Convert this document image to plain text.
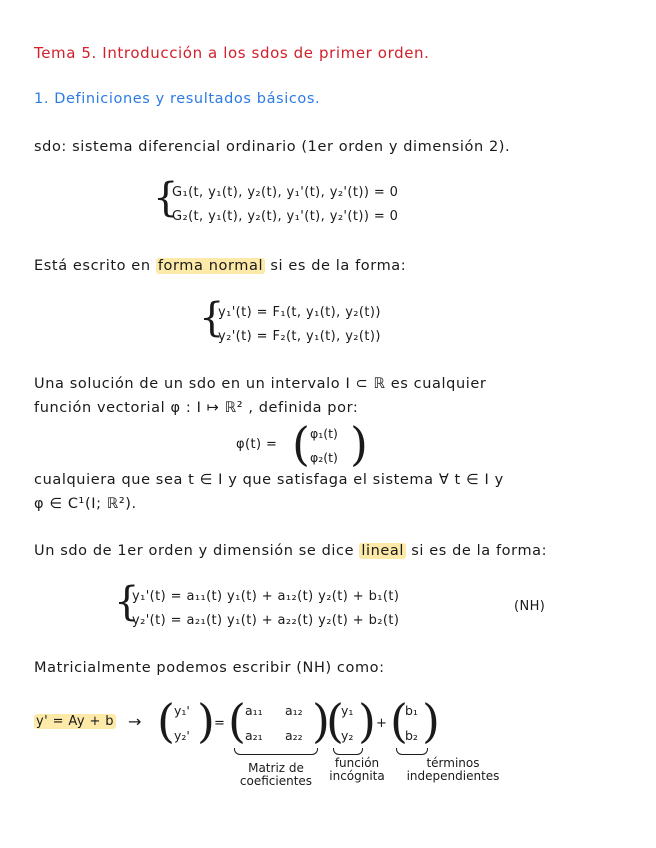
Tema 5. Introducción a los sdos de primer orden.
1. Definiciones y resultados básicos.
sdo: sistema diferencial ordinario (1er orden y dimensión 2).
{
G₁(t, y₁(t), y₂(t), y₁'(t), y₂'(t)) = 0
G₂(t, y₁(t), y₂(t), y₁'(t), y₂'(t)) = 0
Está escrito en forma normal si es de la forma:
{
y₁'(t) = F₁(t, y₁(t), y₂(t))
y₂'(t) = F₂(t, y₁(t), y₂(t))
Una solución de un sdo en un intervalo I ⊂ ℝ es cualquier
función vectorial φ : I ↦ ℝ² , definida por:
φ(t) = ( φ₁(t)
φ₂(t) )
cualquiera que sea t ∈ I y que satisfaga el sistema ∀ t ∈ I y
φ ∈ C¹(I; ℝ²).
Un sdo de 1er orden y dimensión se dice lineal si es de la forma:
{
y₁'(t) = a₁₁(t) y₁(t) + a₁₂(t) y₂(t) + b₁(t)
y₂'(t) = a₂₁(t) y₁(t) + a₂₂(t) y₂(t) + b₂(t)
(NH)
Matricialmente podemos escribir (NH) como:
y' = Ay + b → ( y₁'
y₂' ) = ( a₁₁ a₁₂
a₂₁ a₂₂ )
(
y₁
y₂ ) + (
b₁
b₂ )
Matriz de
coeficientes
función
incógnita
términos
independientes
